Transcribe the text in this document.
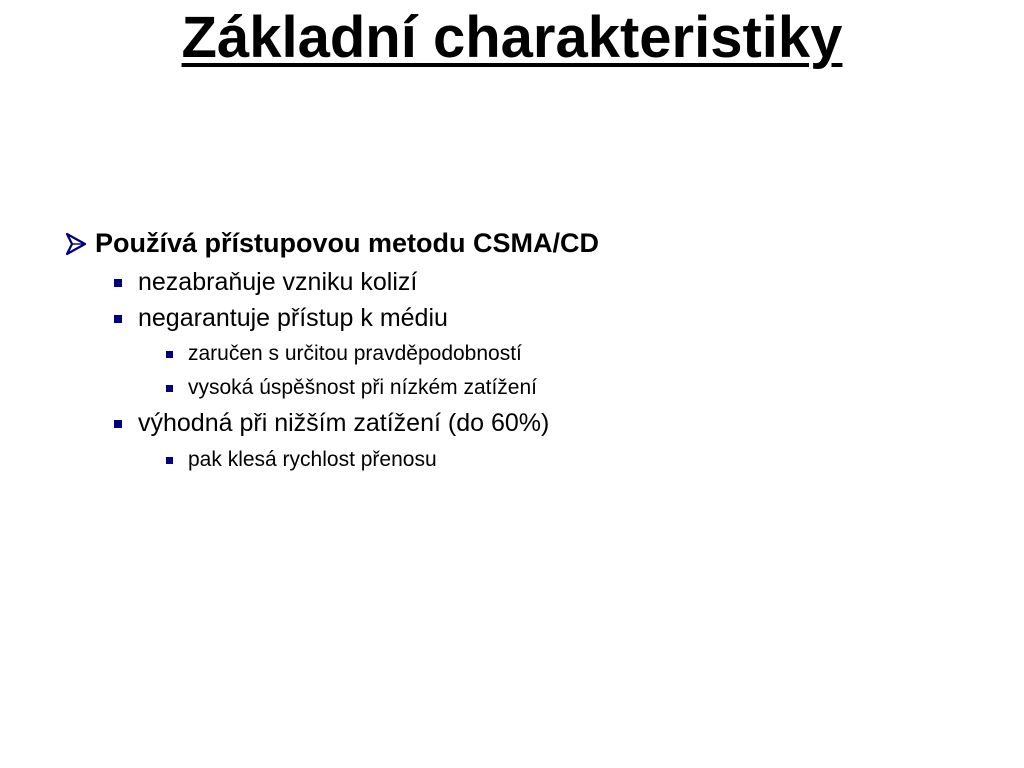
Základní charakteristiky
Používá přístupovou metodu CSMA/CD
nezabraňuje vzniku kolizí
negarantuje přístup k médiu
zaručen s určitou pravděpodobností
vysoká úspěšnost při nízkém zatížení
výhodná při nižším zatížení (do 60%)
pak klesá rychlost přenosu
